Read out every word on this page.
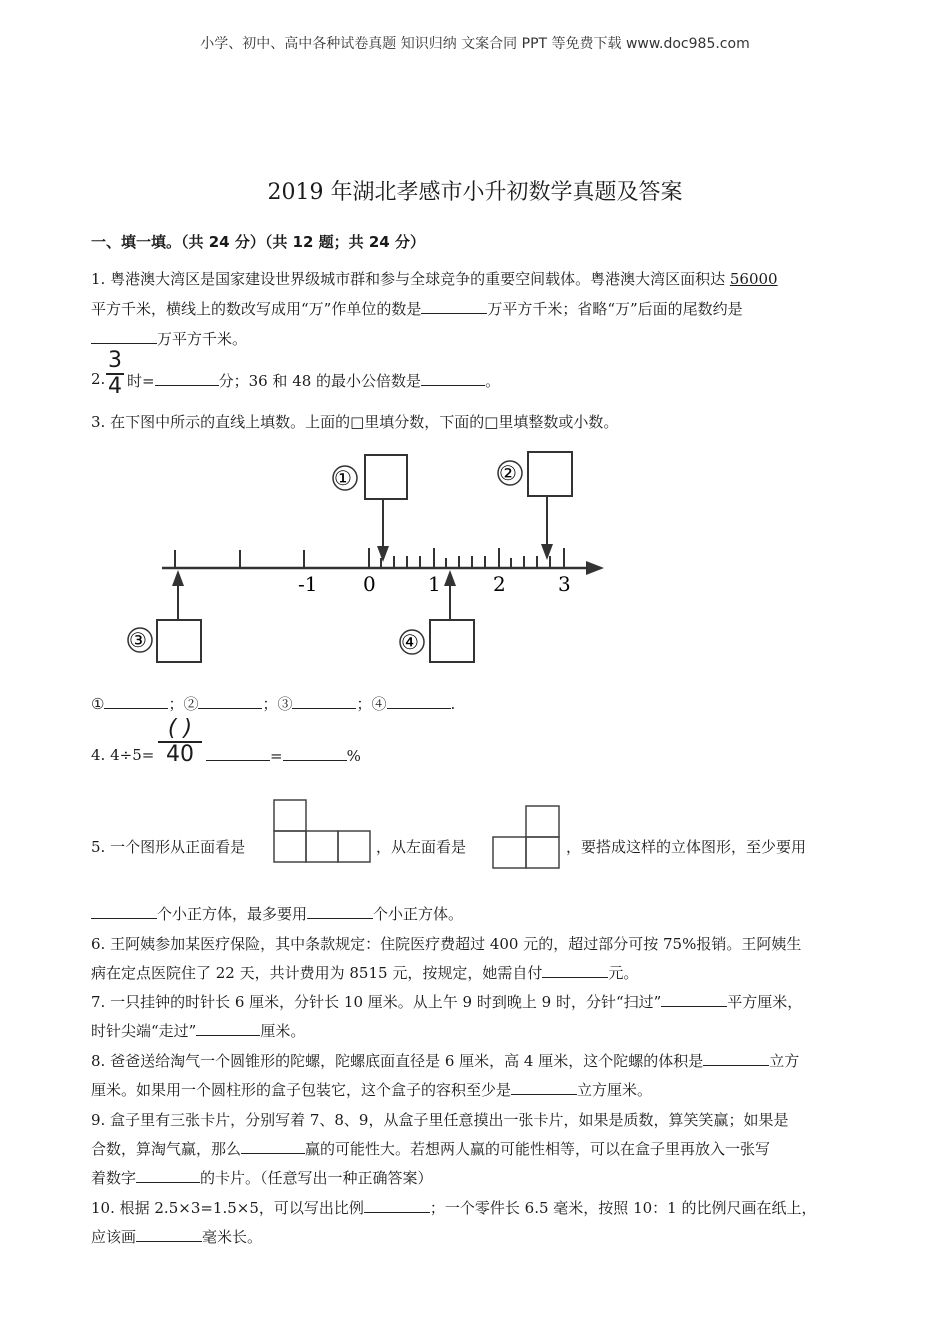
小学、初中、高中各种试卷真题 知识归纳 文案合同 PPT 等免费下载 www.doc985.com
2019 年湖北孝感市小升初数学真题及答案
一、填一填。（共 24 分）（共 12 题；共 24 分）
1. 粤港澳大湾区是国家建设世界级城市群和参与全球竞争的重要空间载体。粤港澳大湾区面积达 56000
平方千米，横线上的数改写成用“万”作单位的数是	万平方千米；省略“万”后面的尾数约是
万平方千米。
2.
3
4 时=	分；36 和 48 的最小公倍数是	。
3. 在下图中所示的直线上填数。上面的□里填分数，下面的□里填整数或小数。
-1 0	1	2	3
①	②
③	④
①	；②	；③	；④	.
4. 4÷5=
( )
40	=	%
5. 一个图形从正面看是	，从左面看是	，要搭成这样的立体图形，至少要用
个小正方体，最多要用	个小正方体。
6. 王阿姨参加某医疗保险，其中条款规定：住院医疗费超过 400 元的，超过部分可按 75%报销。王阿姨生
病在定点医院住了 22 天，共计费用为 8515 元，按规定，她需自付	元。
7. 一只挂钟的时针长 6 厘米，分针长 10 厘米。从上午 9 时到晚上 9 时，分针“扫过”	平方厘米，
时针尖端“走过”	厘米。
8. 爸爸送给淘气一个圆锥形的陀螺，陀螺底面直径是 6 厘米，高 4 厘米，这个陀螺的体积是	立方
厘米。如果用一个圆柱形的盒子包装它，这个盒子的容积至少是	立方厘米。
9. 盒子里有三张卡片，分别写着 7、8、9，从盒子里任意摸出一张卡片，如果是质数，算笑笑赢；如果是
合数，算淘气赢，那么	赢的可能性大。若想两人赢的可能性相等，可以在盒子里再放入一张写
着数字	的卡片。（任意写出一种正确答案）
10. 根据 2.5×3=1.5×5，可以写出比例	；一个零件长 6.5 毫米，按照 10：1 的比例尺画在纸上，
应该画	毫米长。
